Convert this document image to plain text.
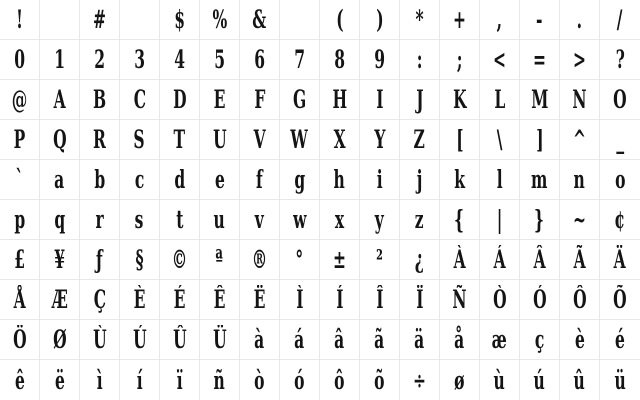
!	#	$ % &	( ) * + , - . /
0 1 2 3 4 5 6 7 8 9 : ; < = > ?
@ A B C D E F G H I J K L M N O
P Q R S T U V W X Y Z [ \ ] ^ _
` a b c d e f g h i j k l m n o
p q r s t u v w x y z { | } ~ ¢
£ ¥ ƒ § © ª ® ° ± ² ¿ À Á Â Ã Ä
Å Æ Ç È É Ê Ë Ì Í Î Ï Ñ Ò Ó Ô Õ
Ö Ø Ù Ú Û Ü à á â ã ä å æ ç è é
ê ë ì í ï ñ ò ó ô õ ÷ ø ù ú û ü
